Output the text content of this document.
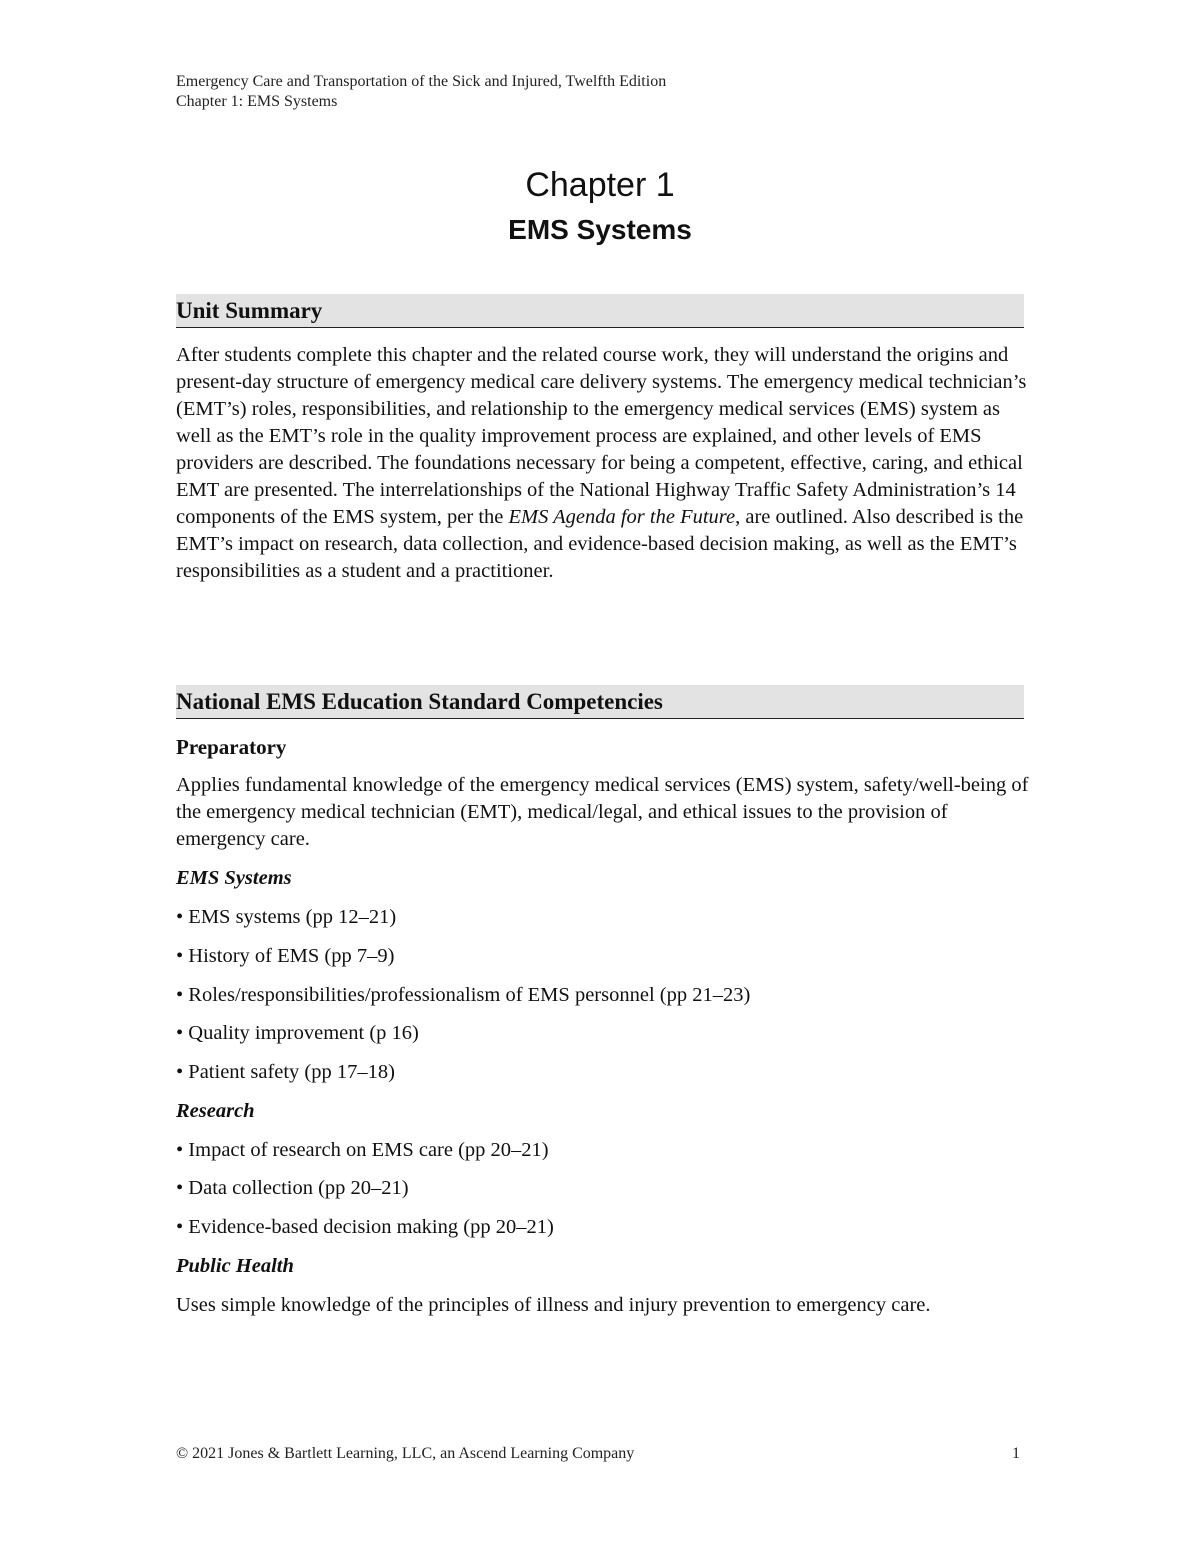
Emergency Care and Transportation of the Sick and Injured, Twelfth Edition
Chapter 1: EMS Systems
Chapter 1
EMS Systems
Unit Summary
After students complete this chapter and the related course work, they will understand the origins and present-day structure of emergency medical care delivery systems. The emergency medical technician’s (EMT’s) roles, responsibilities, and relationship to the emergency medical services (EMS) system as well as the EMT’s role in the quality improvement process are explained, and other levels of EMS providers are described. The foundations necessary for being a competent, effective, caring, and ethical EMT are presented. The interrelationships of the National Highway Traffic Safety Administration’s 14 components of the EMS system, per the EMS Agenda for the Future, are outlined. Also described is the EMT’s impact on research, data collection, and evidence-based decision making, as well as the EMT’s responsibilities as a student and a practitioner.
National EMS Education Standard Competencies
Preparatory
Applies fundamental knowledge of the emergency medical services (EMS) system, safety/well-being of the emergency medical technician (EMT), medical/legal, and ethical issues to the provision of emergency care.
EMS Systems
• EMS systems (pp 12–21)
• History of EMS (pp 7–9)
• Roles/responsibilities/professionalism of EMS personnel (pp 21–23)
• Quality improvement (p 16)
• Patient safety (pp 17–18)
Research
• Impact of research on EMS care (pp 20–21)
• Data collection (pp 20–21)
• Evidence-based decision making (pp 20–21)
Public Health
Uses simple knowledge of the principles of illness and injury prevention to emergency care.
© 2021 Jones & Bartlett Learning, LLC, an Ascend Learning Company	1
